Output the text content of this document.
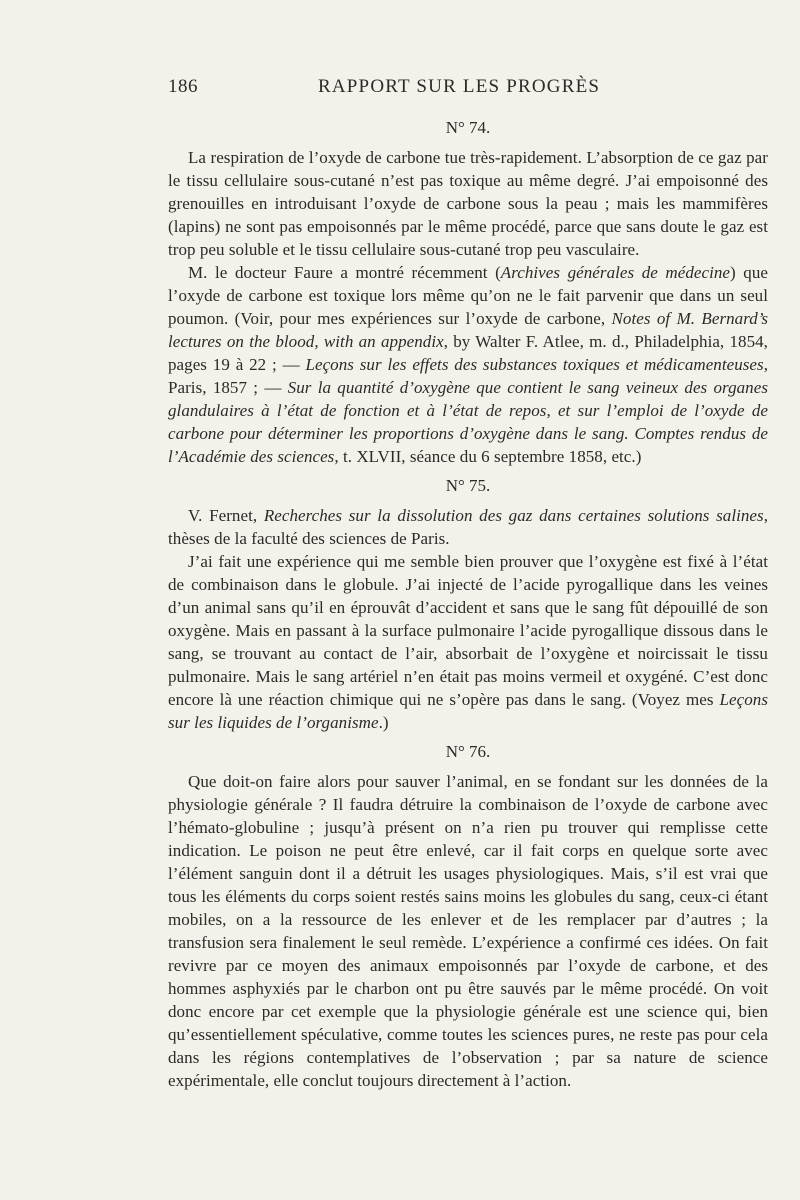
186	RAPPORT SUR LES PROGRÈS
N° 74.

La respiration de l’oxyde de carbone tue très-rapidement. L’absorption de ce gaz par le tissu cellulaire sous-cutané n’est pas toxique au même degré. J’ai empoisonné des grenouilles en introduisant l’oxyde de carbone sous la peau ; mais les mammifères (lapins) ne sont pas empoisonnés par le même procédé, parce que sans doute le gaz est trop peu soluble et le tissu cellulaire sous-cutané trop peu vasculaire.

M. le docteur Faure a montré récemment (Archives générales de médecine) que l’oxyde de carbone est toxique lors même qu’on ne le fait parvenir que dans un seul poumon. (Voir, pour mes expériences sur l’oxyde de carbone, Notes of M. Bernard’s lectures on the blood, with an appendix, by Walter F. Atlee, m. d., Philadelphia, 1854, pages 19 à 22 ; — Leçons sur les effets des substances toxiques et médicamenteuses, Paris, 1857 ; — Sur la quantité d’oxygène que contient le sang veineux des organes glandulaires à l’état de fonction et à l’état de repos, et sur l’emploi de l’oxyde de carbone pour déterminer les proportions d’oxygène dans le sang. Comptes rendus de l’Académie des sciences, t. XLVII, séance du 6 septembre 1858, etc.)

N° 75.

V. Fernet, Recherches sur la dissolution des gaz dans certaines solutions salines, thèses de la faculté des sciences de Paris.

J’ai fait une expérience qui me semble bien prouver que l’oxygène est fixé à l’état de combinaison dans le globule. J’ai injecté de l’acide pyrogallique dans les veines d’un animal sans qu’il en éprouvât d’accident et sans que le sang fût dépouillé de son oxygène. Mais en passant à la surface pulmonaire l’acide pyrogallique dissous dans le sang, se trouvant au contact de l’air, absorbait de l’oxygène et noircissait le tissu pulmonaire. Mais le sang artériel n’en était pas moins vermeil et oxygéné. C’est donc encore là une réaction chimique qui ne s’opère pas dans le sang. (Voyez mes Leçons sur les liquides de l’organisme.)

N° 76.

Que doit-on faire alors pour sauver l’animal, en se fondant sur les données de la physiologie générale ? Il faudra détruire la combinaison de l’oxyde de carbone avec l’hémato-globuline ; jusqu’à présent on n’a rien pu trouver qui remplisse cette indication. Le poison ne peut être enlevé, car il fait corps en quelque sorte avec l’élément sanguin dont il a détruit les usages physiologiques. Mais, s’il est vrai que tous les éléments du corps soient restés sains moins les globules du sang, ceux-ci étant mobiles, on a la ressource de les enlever et de les remplacer par d’autres ; la transfusion sera finalement le seul remède. L’expérience a confirmé ces idées. On fait revivre par ce moyen des animaux empoisonnés par l’oxyde de carbone, et des hommes asphyxiés par le charbon ont pu être sauvés par le même procédé. On voit donc encore par cet exemple que la physiologie générale est une science qui, bien qu’essentiellement spéculative, comme toutes les sciences pures, ne reste pas pour cela dans les régions contemplatives de l’observation ; par sa nature de science expérimentale, elle conclut toujours directement à l’action.
